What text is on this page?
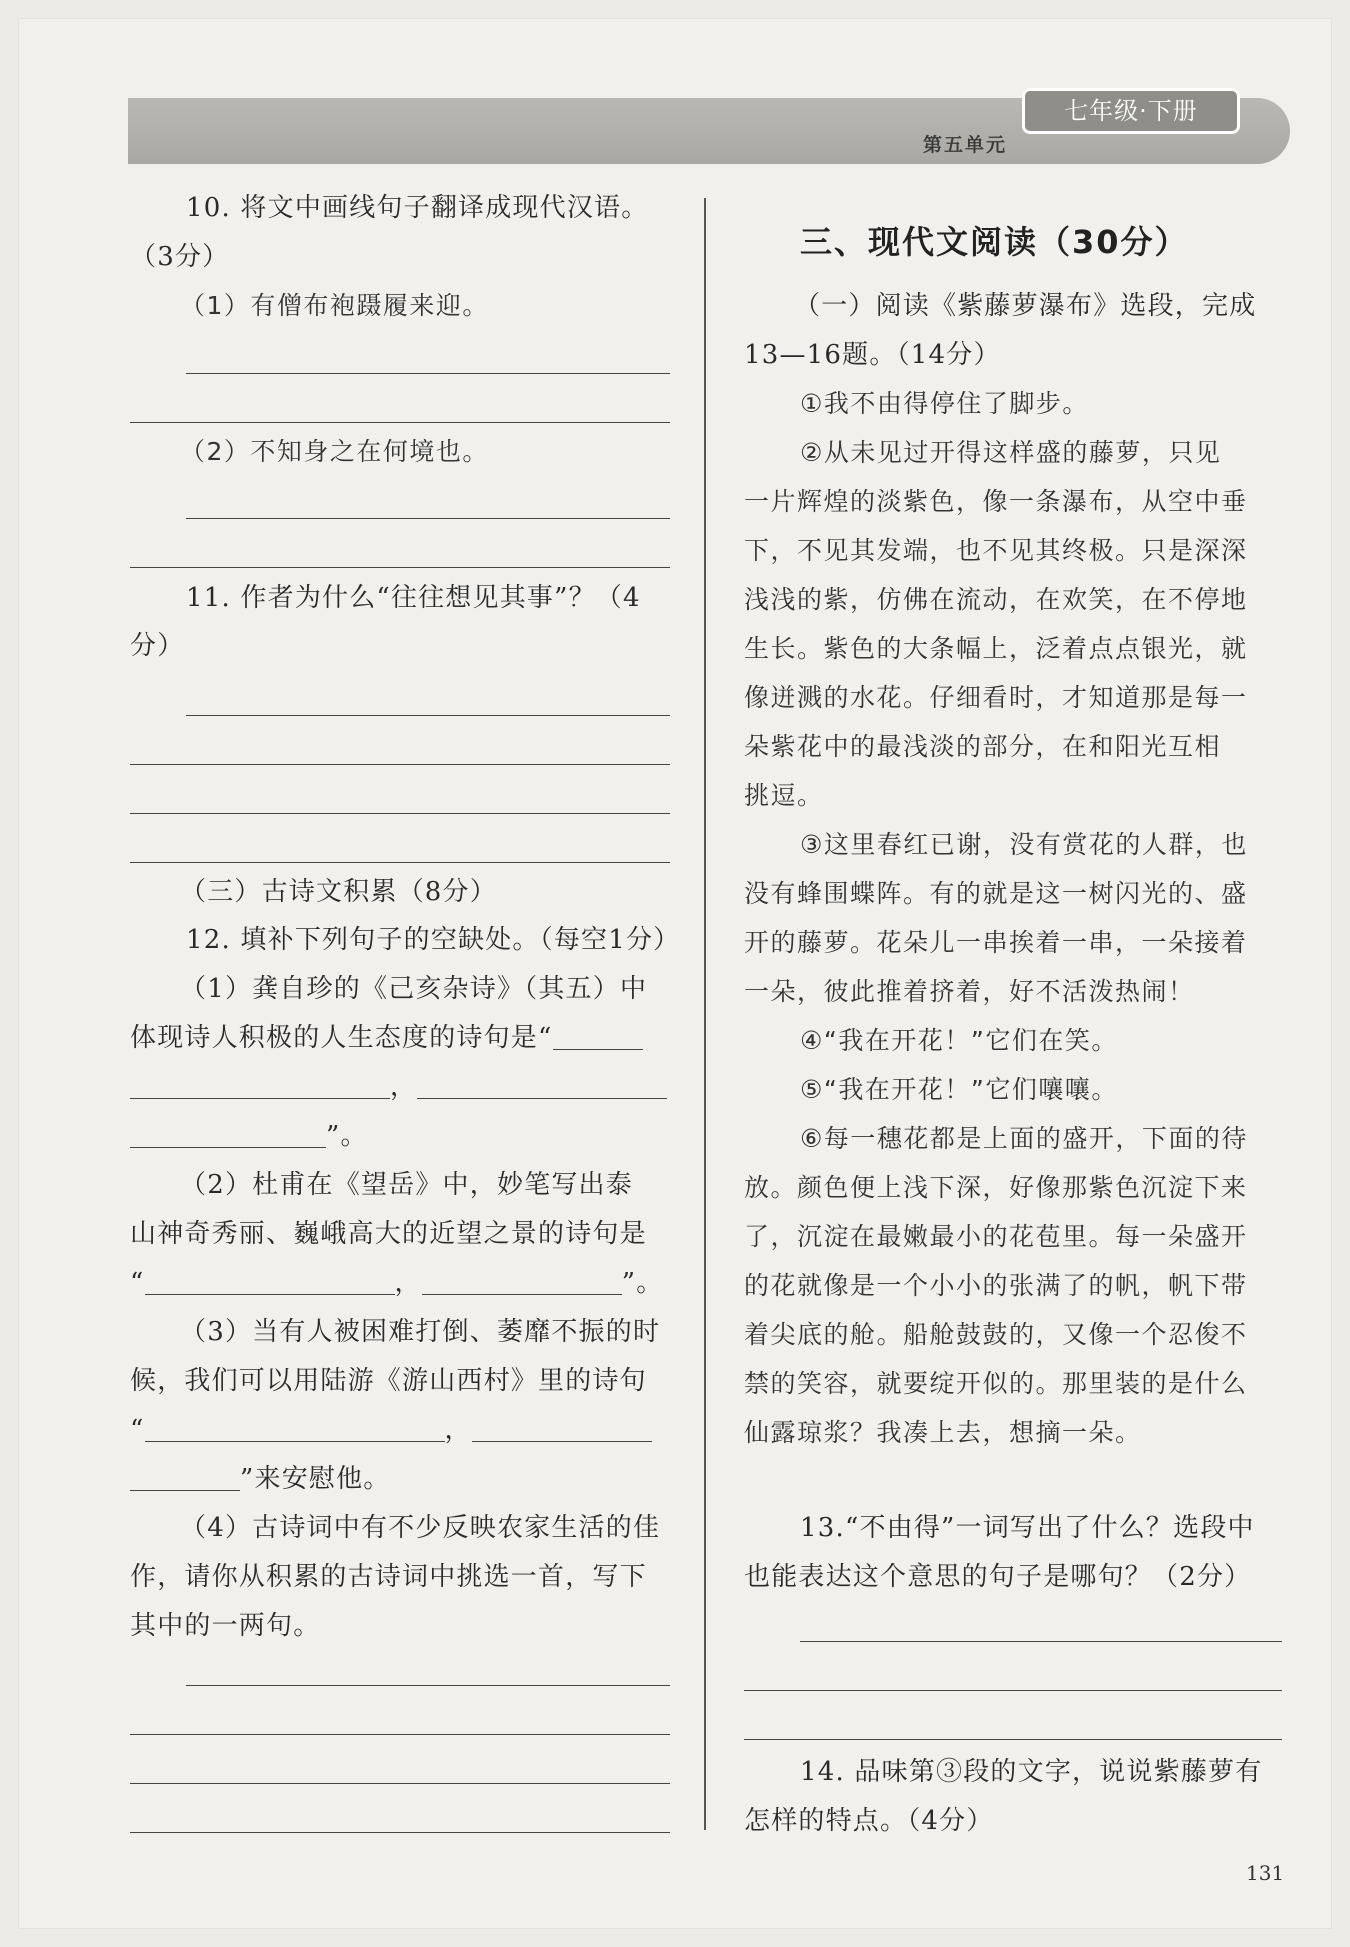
七年级·下册
第五单元
10. 将文中画线句子翻译成现代汉语。
（3分）
（1）有僧布袍蹑履来迎。
（2）不知身之在何境也。
11. 作者为什么“往往想见其事”？（4
分）
（三）古诗文积累（8分）
12. 填补下列句子的空缺处。（每空1分）
（1）龚自珍的《己亥杂诗》（其五）中
体现诗人积极的人生态度的诗句是“
，
”。
（2）杜甫在《望岳》中，妙笔写出泰
山神奇秀丽、巍峨高大的近望之景的诗句是
“	，	”。
（3）当有人被困难打倒、萎靡不振的时
候，我们可以用陆游《游山西村》里的诗句
“	，
”来安慰他。
（4）古诗词中有不少反映农家生活的佳
作，请你从积累的古诗词中挑选一首，写下
其中的一两句。
三、现代文阅读（30分）
（一）阅读《紫藤萝瀑布》选段，完成
13—16题。（14分）
①我不由得停住了脚步。
②从未见过开得这样盛的藤萝，只见
一片辉煌的淡紫色，像一条瀑布，从空中垂
下，不见其发端，也不见其终极。只是深深
浅浅的紫，仿佛在流动，在欢笑，在不停地
生长。紫色的大条幅上，泛着点点银光，就
像迸溅的水花。仔细看时，才知道那是每一
朵紫花中的最浅淡的部分，在和阳光互相
挑逗。
③这里春红已谢，没有赏花的人群，也
没有蜂围蝶阵。有的就是这一树闪光的、盛
开的藤萝。花朵儿一串挨着一串，一朵接着
一朵，彼此推着挤着，好不活泼热闹！
④“我在开花！”它们在笑。
⑤“我在开花！”它们嚷嚷。
⑥每一穗花都是上面的盛开，下面的待
放。颜色便上浅下深，好像那紫色沉淀下来
了，沉淀在最嫩最小的花苞里。每一朵盛开
的花就像是一个小小的张满了的帆，帆下带
着尖底的舱。船舱鼓鼓的，又像一个忍俊不
禁的笑容，就要绽开似的。那里装的是什么
仙露琼浆？我凑上去，想摘一朵。
13.“不由得”一词写出了什么？选段中
也能表达这个意思的句子是哪句？（2分）
14. 品味第③段的文字，说说紫藤萝有
怎样的特点。（4分）
131
